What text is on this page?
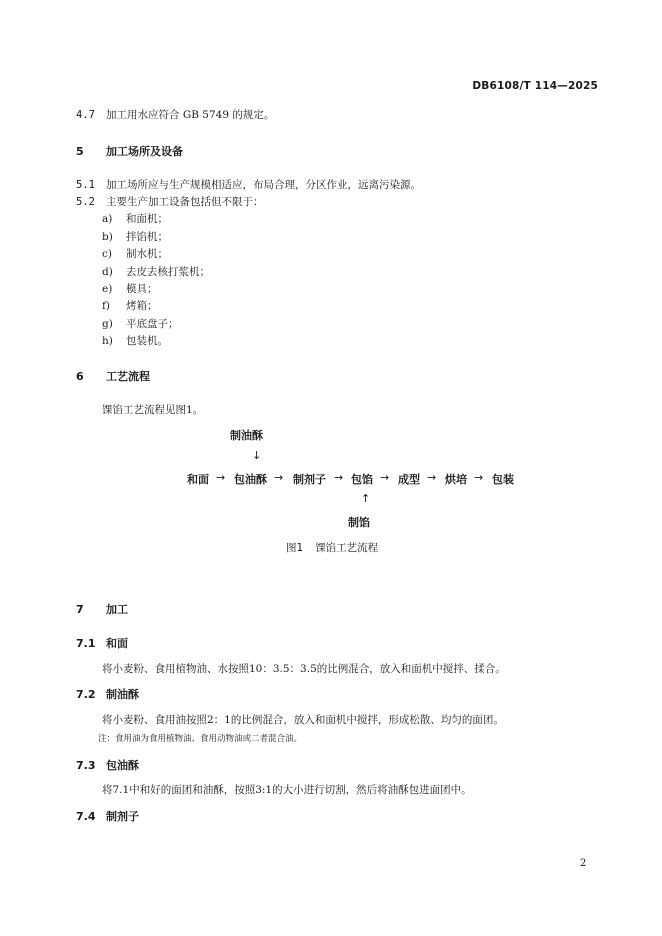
DB6108/T 114—2025
4.7 加工用水应符合 GB 5749 的规定。
5 加工场所及设备
5.1 加工场所应与生产规模相适应，布局合理，分区作业，远离污染源。
5.2 主要生产加工设备包括但不限于：
a) 和面机；
b) 拌馅机；
c) 制水机；
d) 去皮去核打浆机；
e) 模具；
f) 烤箱；
g) 平底盘子；
h) 包装机。
6 工艺流程
馃馅工艺流程见图1。
制油酥
↓
和面 → 包油酥 → 制剂子 → 包馅 → 成型 → 烘培 → 包装
↑
制馅
图1 馃馅工艺流程
7 加工
7.1 和面
将小麦粉、食用植物油、水按照10：3.5：3.5的比例混合，放入和面机中搅拌、揉合。
7.2 制油酥
将小麦粉、食用油按照2：1的比例混合，放入和面机中搅拌，形成松散、均匀的面团。
注：食用油为食用植物油、食用动物油或二者混合油。
7.3 包油酥
将7.1中和好的面团和油酥，按照3:1的大小进行切割，然后将油酥包进面团中。
7.4 制剂子
2
